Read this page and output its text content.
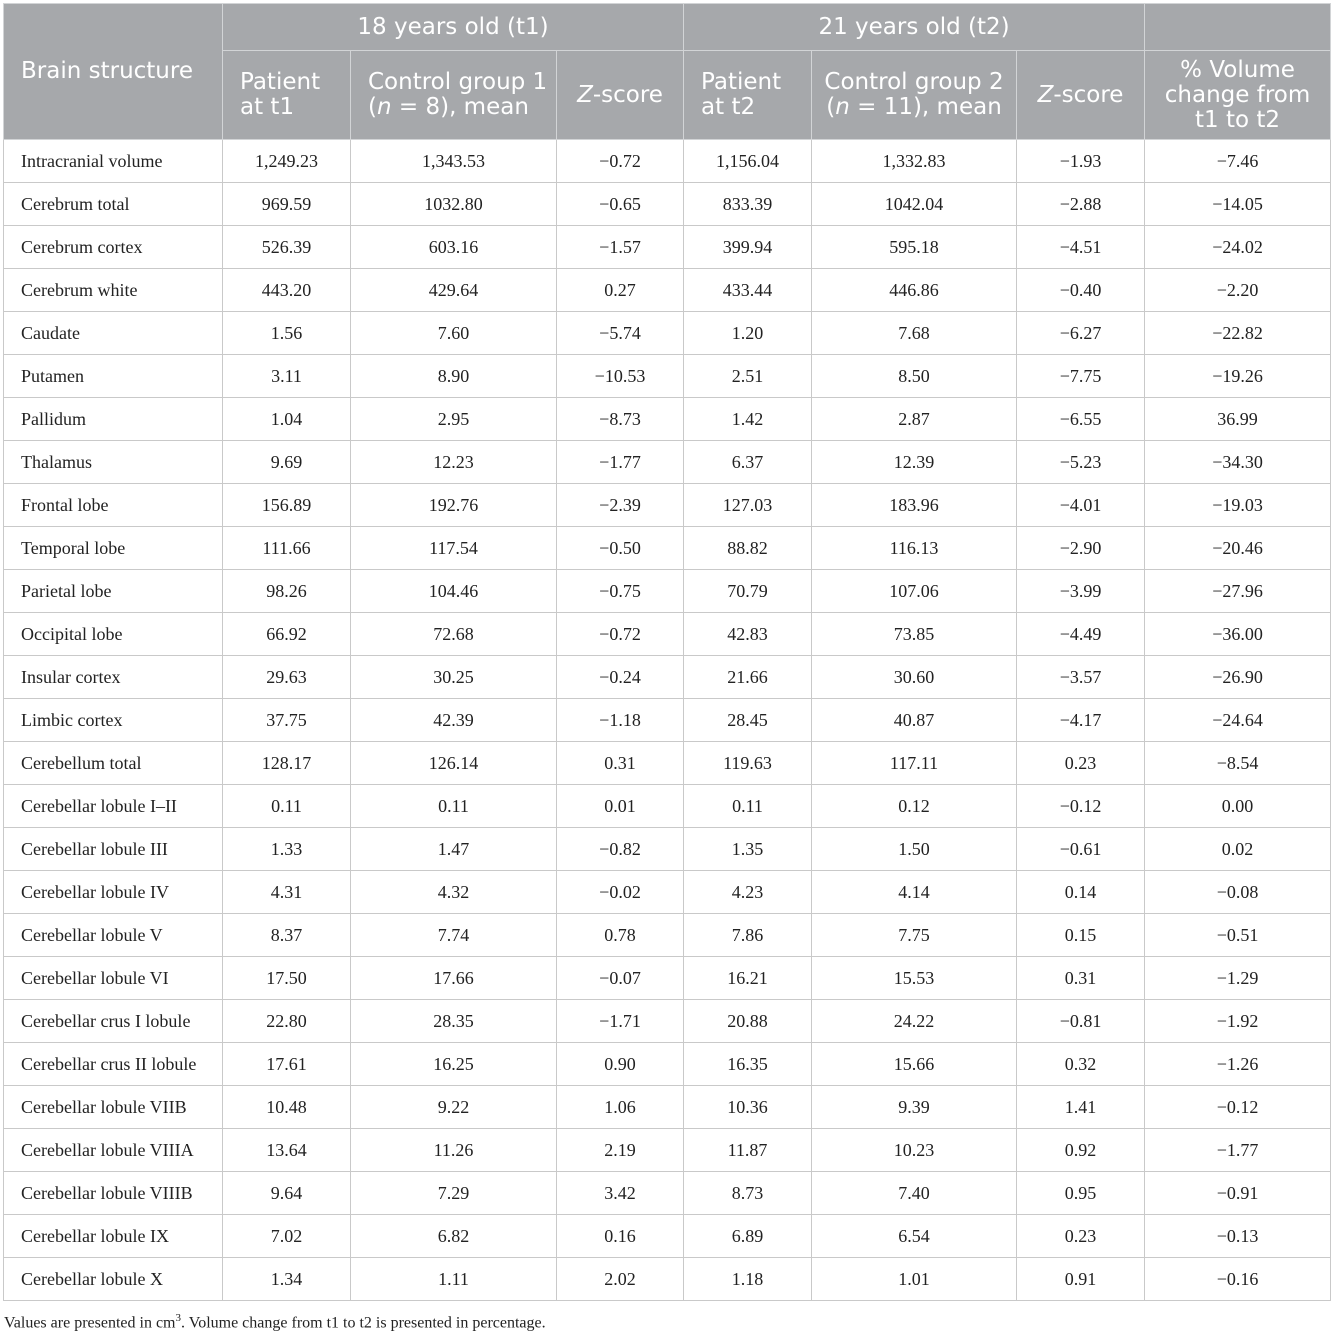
Brain structure	18 years old (t1)			21 years old (t2)			
	Patient at t1	Control group 1 (n = 8), mean	Z-score	Patient at t2	Control group 2 (n = 11), mean	Z-score	% Volume change from t1 to t2
Intracranial volume	1,249.23	1,343.53	−0.72	1,156.04	1,332.83	−1.93	−7.46
Cerebrum total	969.59	1032.80	−0.65	833.39	1042.04	−2.88	−14.05
Cerebrum cortex	526.39	603.16	−1.57	399.94	595.18	−4.51	−24.02
Cerebrum white	443.20	429.64	0.27	433.44	446.86	−0.40	−2.20
Caudate	1.56	7.60	−5.74	1.20	7.68	−6.27	−22.82
Putamen	3.11	8.90	−10.53	2.51	8.50	−7.75	−19.26
Pallidum	1.04	2.95	−8.73	1.42	2.87	−6.55	36.99
Thalamus	9.69	12.23	−1.77	6.37	12.39	−5.23	−34.30
Frontal lobe	156.89	192.76	−2.39	127.03	183.96	−4.01	−19.03
Temporal lobe	111.66	117.54	−0.50	88.82	116.13	−2.90	−20.46
Parietal lobe	98.26	104.46	−0.75	70.79	107.06	−3.99	−27.96
Occipital lobe	66.92	72.68	−0.72	42.83	73.85	−4.49	−36.00
Insular cortex	29.63	30.25	−0.24	21.66	30.60	−3.57	−26.90
Limbic cortex	37.75	42.39	−1.18	28.45	40.87	−4.17	−24.64
Cerebellum total	128.17	126.14	0.31	119.63	117.11	0.23	−8.54
Cerebellar lobule I–II	0.11	0.11	0.01	0.11	0.12	−0.12	0.00
Cerebellar lobule III	1.33	1.47	−0.82	1.35	1.50	−0.61	0.02
Cerebellar lobule IV	4.31	4.32	−0.02	4.23	4.14	0.14	−0.08
Cerebellar lobule V	8.37	7.74	0.78	7.86	7.75	0.15	−0.51
Cerebellar lobule VI	17.50	17.66	−0.07	16.21	15.53	0.31	−1.29
Cerebellar crus I lobule	22.80	28.35	−1.71	20.88	24.22	−0.81	−1.92
Cerebellar crus II lobule	17.61	16.25	0.90	16.35	15.66	0.32	−1.26
Cerebellar lobule VIIB	10.48	9.22	1.06	10.36	9.39	1.41	−0.12
Cerebellar lobule VIIIA	13.64	11.26	2.19	11.87	10.23	0.92	−1.77
Cerebellar lobule VIIIB	9.64	7.29	3.42	8.73	7.40	0.95	−0.91
Cerebellar lobule IX	7.02	6.82	0.16	6.89	6.54	0.23	−0.13
Cerebellar lobule X	1.34	1.11	2.02	1.18	1.01	0.91	−0.16
Values are presented in $cm^3$. Volume change from t1 to t2 is presented in percentage.
